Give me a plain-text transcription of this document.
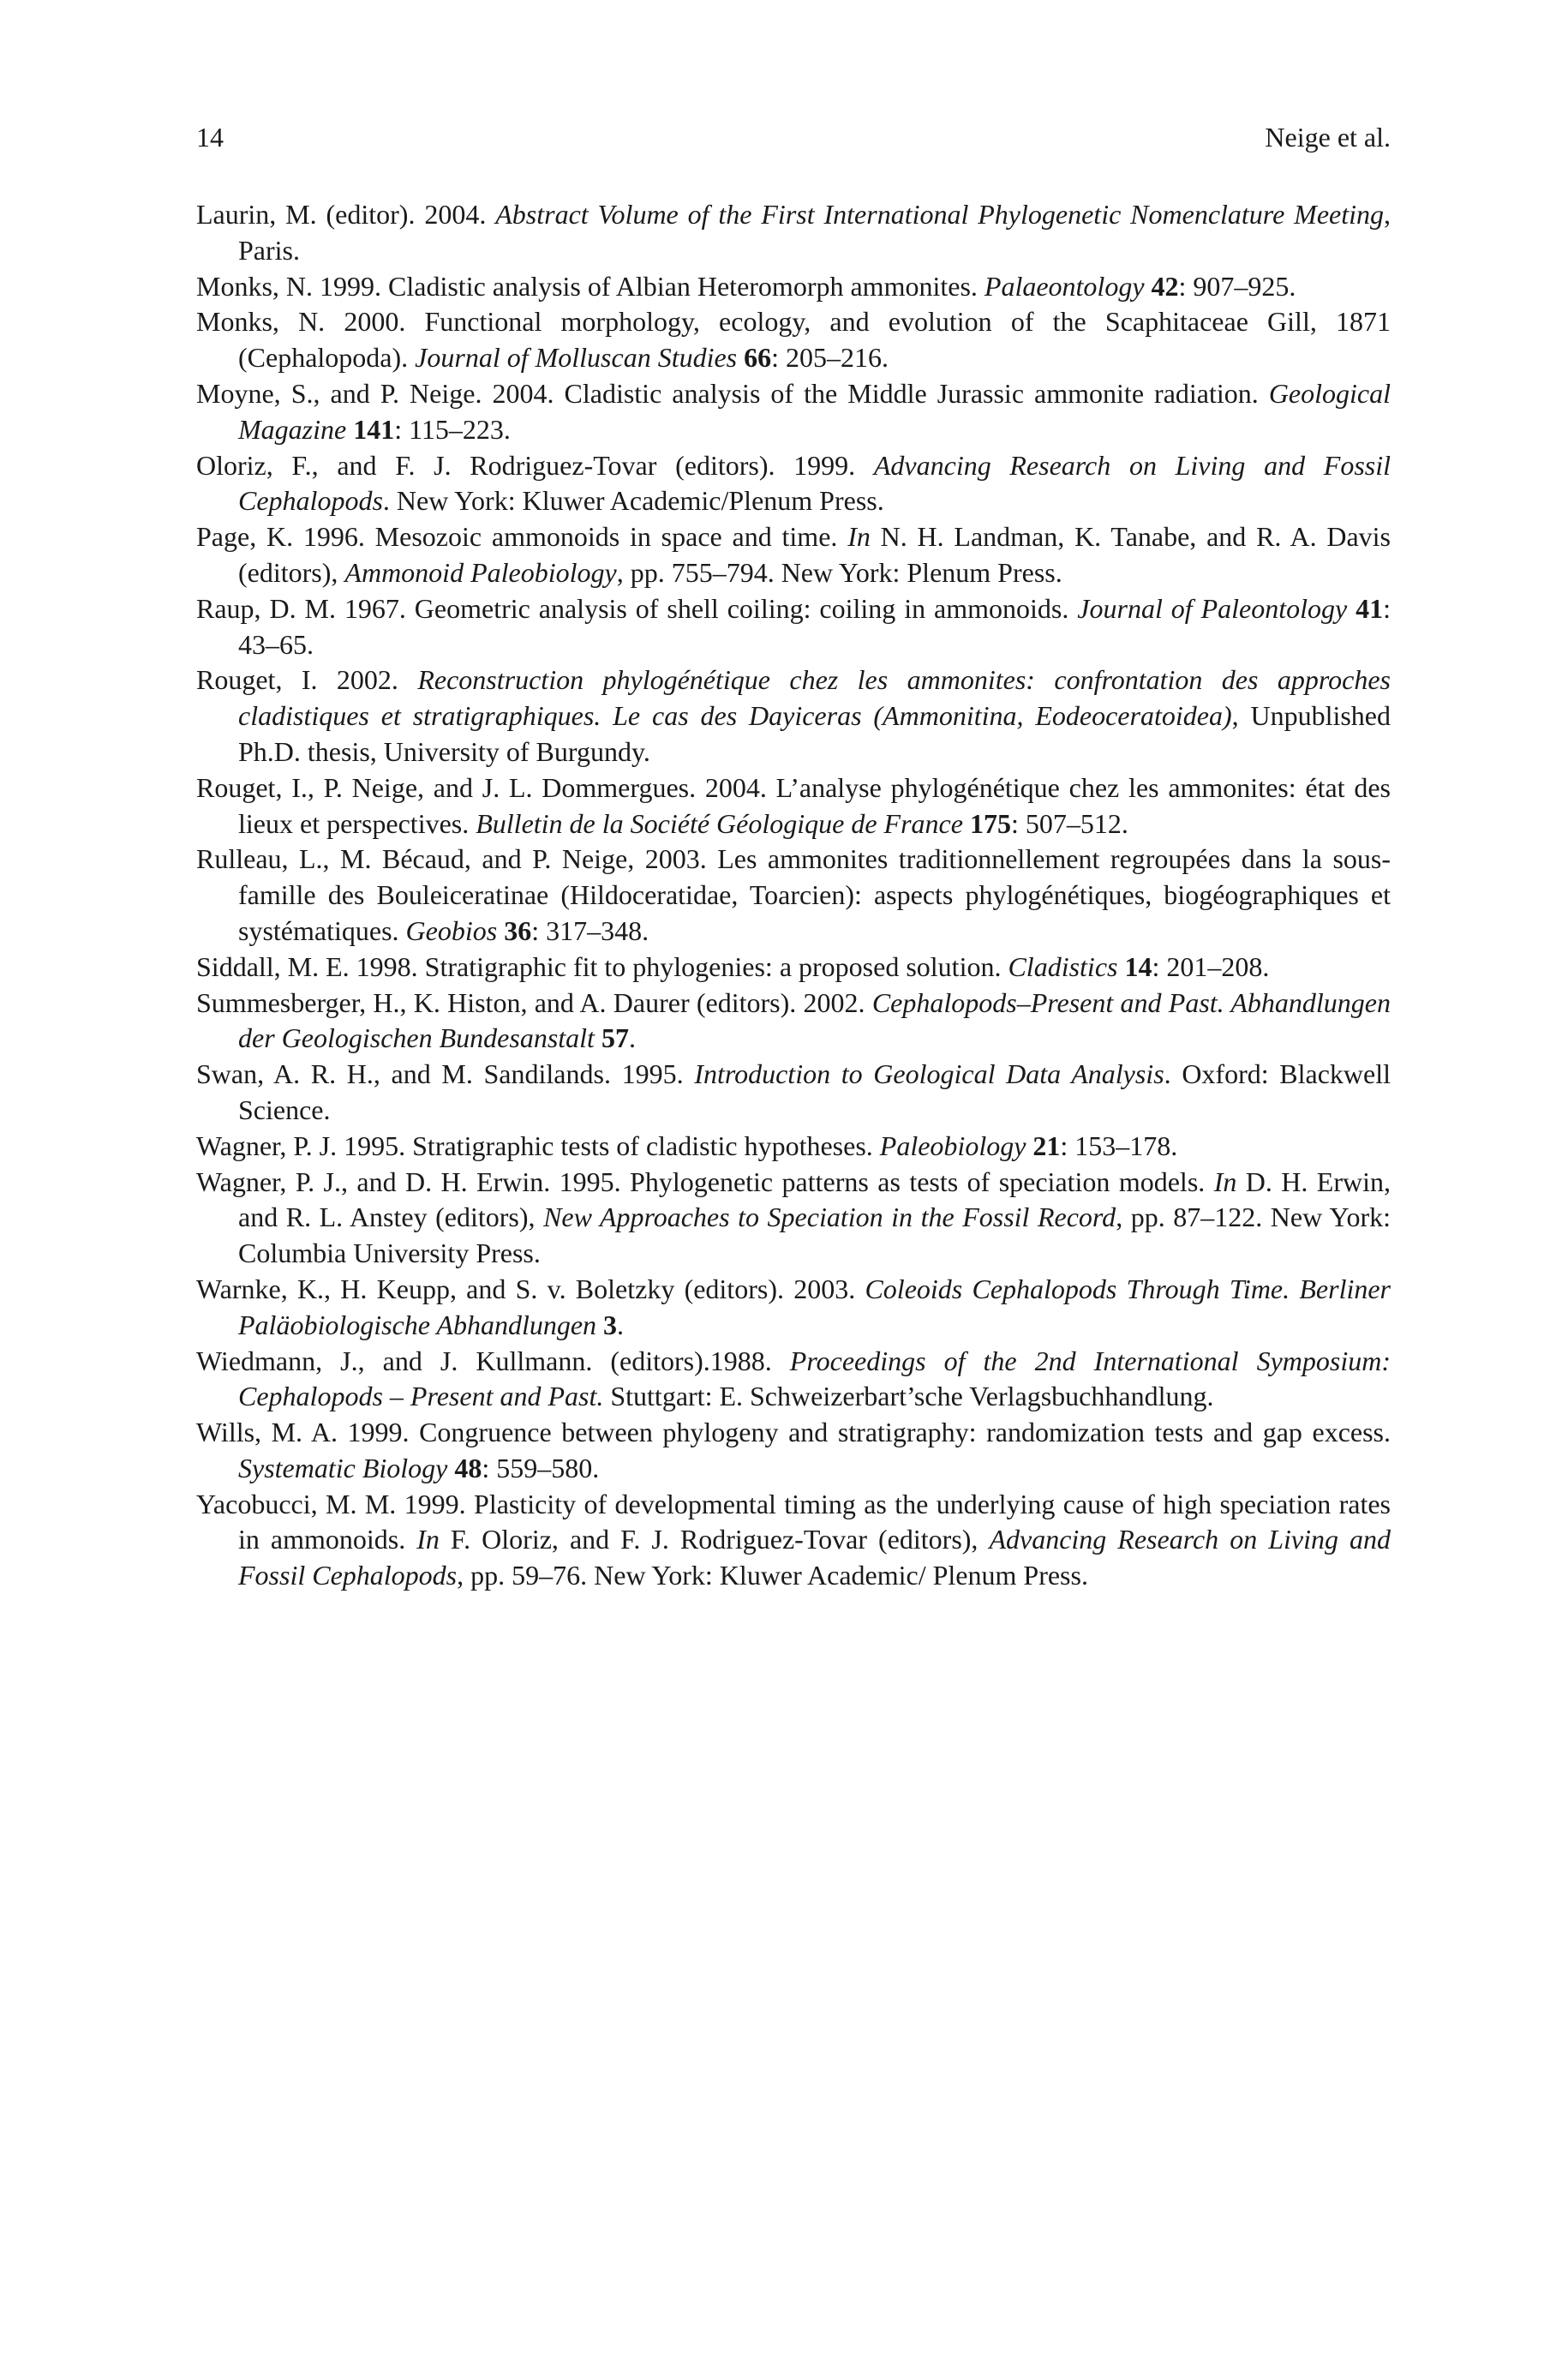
14	Neige et al.

Laurin, M. (editor). 2004. Abstract Volume of the First International Phylogenetic Nomenclature Meeting, Paris.

Monks, N. 1999. Cladistic analysis of Albian Heteromorph ammonites. Palaeontology 42: 907–925.

Monks, N. 2000. Functional morphology, ecology, and evolution of the Scaphitaceae Gill, 1871 (Cephalopoda). Journal of Molluscan Studies 66: 205–216.

Moyne, S., and P. Neige. 2004. Cladistic analysis of the Middle Jurassic ammonite radiation. Geological Magazine 141: 115–223.

Oloriz, F., and F. J. Rodriguez-Tovar (editors). 1999. Advancing Research on Living and Fossil Cephalopods. New York: Kluwer Academic/Plenum Press.

Page, K. 1996. Mesozoic ammonoids in space and time. In N. H. Landman, K. Tanabe, and R. A. Davis (editors), Ammonoid Paleobiology, pp. 755–794. New York: Plenum Press.

Raup, D. M. 1967. Geometric analysis of shell coiling: coiling in ammonoids. Journal of Paleontology 41: 43–65.

Rouget, I. 2002. Reconstruction phylogénétique chez les ammonites: confrontation des approches cladistiques et stratigraphiques. Le cas des Dayiceras (Ammonitina, Eodeoceratoidea), Unpublished Ph.D. thesis, University of Burgundy.

Rouget, I., P. Neige, and J. L. Dommergues. 2004. L’analyse phylogénétique chez les ammonites: état des lieux et perspectives. Bulletin de la Société Géologique de France 175: 507–512.

Rulleau, L., M. Bécaud, and P. Neige, 2003. Les ammonites traditionnellement regroupées dans la sous-famille des Bouleiceratinae (Hildoceratidae, Toarcien): aspects phylogénétiques, biogéographiques et systématiques. Geobios 36: 317–348.

Siddall, M. E. 1998. Stratigraphic fit to phylogenies: a proposed solution. Cladistics 14: 201–208.

Summesberger, H., K. Histon, and A. Daurer (editors). 2002. Cephalopods–Present and Past. Abhandlungen der Geologischen Bundesanstalt 57.

Swan, A. R. H., and M. Sandilands. 1995. Introduction to Geological Data Analysis. Oxford: Blackwell Science.

Wagner, P. J. 1995. Stratigraphic tests of cladistic hypotheses. Paleobiology 21: 153–178.

Wagner, P. J., and D. H. Erwin. 1995. Phylogenetic patterns as tests of speciation models. In D. H. Erwin, and R. L. Anstey (editors), New Approaches to Speciation in the Fossil Record, pp. 87–122. New York: Columbia University Press.

Warnke, K., H. Keupp, and S. v. Boletzky (editors). 2003. Coleoids Cephalopods Through Time. Berliner Paläobiologische Abhandlungen 3.

Wiedmann, J., and J. Kullmann. (editors).1988. Proceedings of the 2nd International Symposium: Cephalopods – Present and Past. Stuttgart: E. Schweizerbart’sche Verlagsbuchhandlung.

Wills, M. A. 1999. Congruence between phylogeny and stratigraphy: randomization tests and gap excess. Systematic Biology 48: 559–580.

Yacobucci, M. M. 1999. Plasticity of developmental timing as the underlying cause of high speciation rates in ammonoids. In F. Oloriz, and F. J. Rodriguez-Tovar (editors), Advancing Research on Living and Fossil Cephalopods, pp. 59–76. New York: Kluwer Academic/ Plenum Press.
